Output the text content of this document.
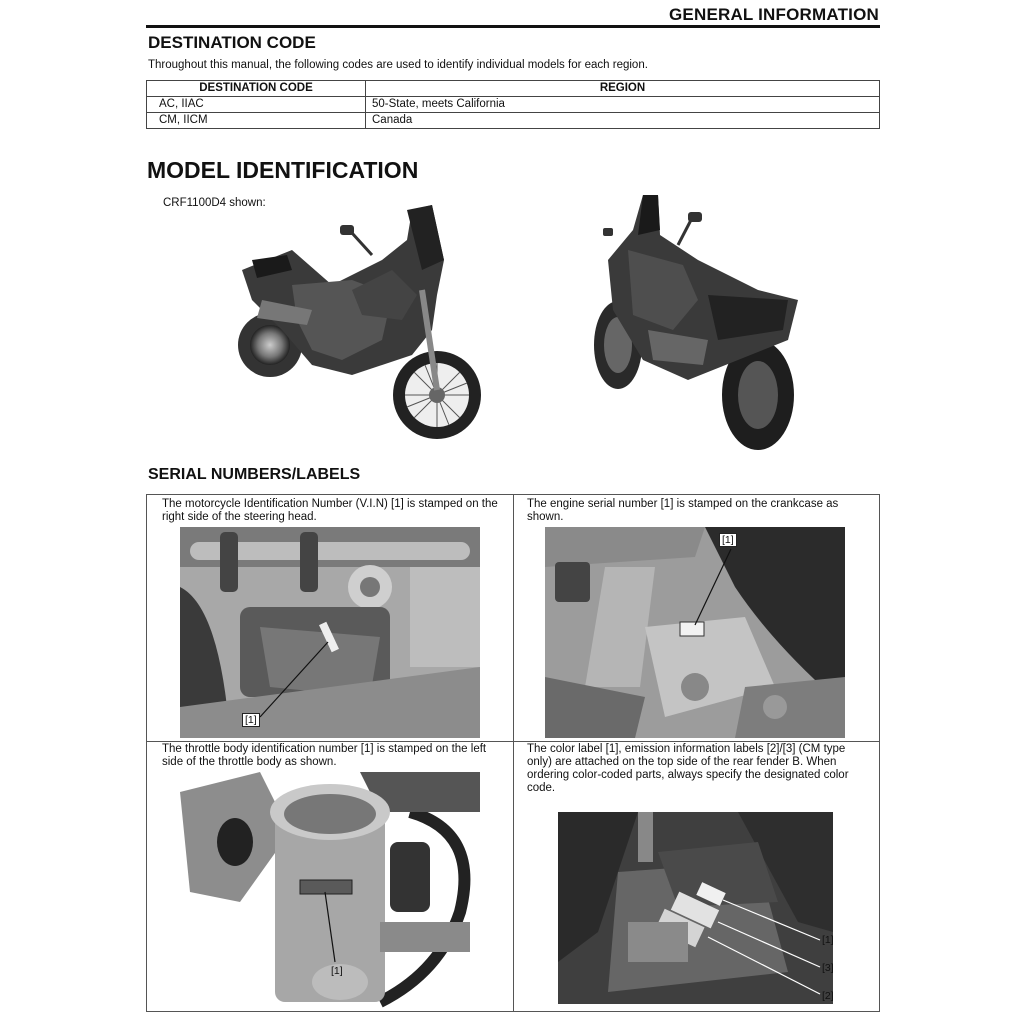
GENERAL INFORMATION
DESTINATION CODE
Throughout this manual, the following codes are used to identify individual models for each region.
DESTINATION CODE	REGION
AC, IIAC	50-State, meets California
CM, IICM	Canada
MODEL IDENTIFICATION
CRF1100D4 shown:
SERIAL NUMBERS/LABELS
The motorcycle Identification Number (V.I.N) [1] is stamped on the right side of the steering head.
[1]
The engine serial number [1] is stamped on the crankcase as shown.
[1]
The throttle body identification number [1] is stamped on the left side of the throttle body as shown.
[1]
The color label [1], emission information labels [2]/[3] (CM type only) are attached on the top side of the rear fender B. When ordering color-coded parts, always specify the designated color code.
[1]
[3]
[2]
